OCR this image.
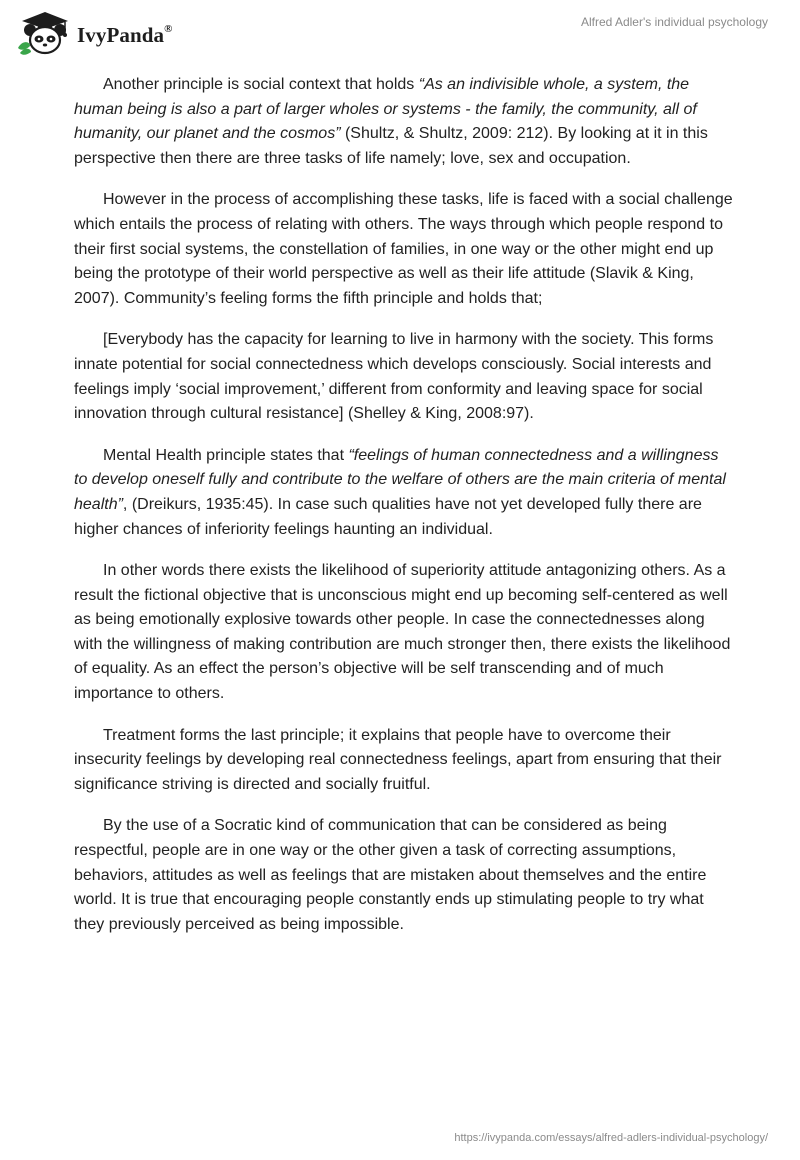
IvyPanda®	Alfred Adler's individual psychology

Another principle is social context that holds “As an indivisible whole, a system, the human being is also a part of larger wholes or systems - the family, the community, all of humanity, our planet and the cosmos” (Shultz, & Shultz, 2009: 212). By looking at it in this perspective then there are three tasks of life namely; love, sex and occupation.

However in the process of accomplishing these tasks, life is faced with a social challenge which entails the process of relating with others. The ways through which people respond to their first social systems, the constellation of families, in one way or the other might end up being the prototype of their world perspective as well as their life attitude (Slavik & King, 2007). Community’s feeling forms the fifth principle and holds that;

[Everybody has the capacity for learning to live in harmony with the society. This forms innate potential for social connectedness which develops consciously. Social interests and feelings imply ‘social improvement,’ different from conformity and leaving space for social innovation through cultural resistance] (Shelley & King, 2008:97).

Mental Health principle states that “feelings of human connectedness and a willingness to develop oneself fully and contribute to the welfare of others are the main criteria of mental health”, (Dreikurs, 1935:45). In case such qualities have not yet developed fully there are higher chances of inferiority feelings haunting an individual.

In other words there exists the likelihood of superiority attitude antagonizing others. As a result the fictional objective that is unconscious might end up becoming self-centered as well as being emotionally explosive towards other people. In case the connectednesses along with the willingness of making contribution are much stronger then, there exists the likelihood of equality. As an effect the person’s objective will be self transcending and of much importance to others.

Treatment forms the last principle; it explains that people have to overcome their insecurity feelings by developing real connectedness feelings, apart from ensuring that their significance striving is directed and socially fruitful.

By the use of a Socratic kind of communication that can be considered as being respectful, people are in one way or the other given a task of correcting assumptions, behaviors, attitudes as well as feelings that are mistaken about themselves and the entire world. It is true that encouraging people constantly ends up stimulating people to try what they previously perceived as being impossible.

https://ivypanda.com/essays/alfred-adlers-individual-psychology/
